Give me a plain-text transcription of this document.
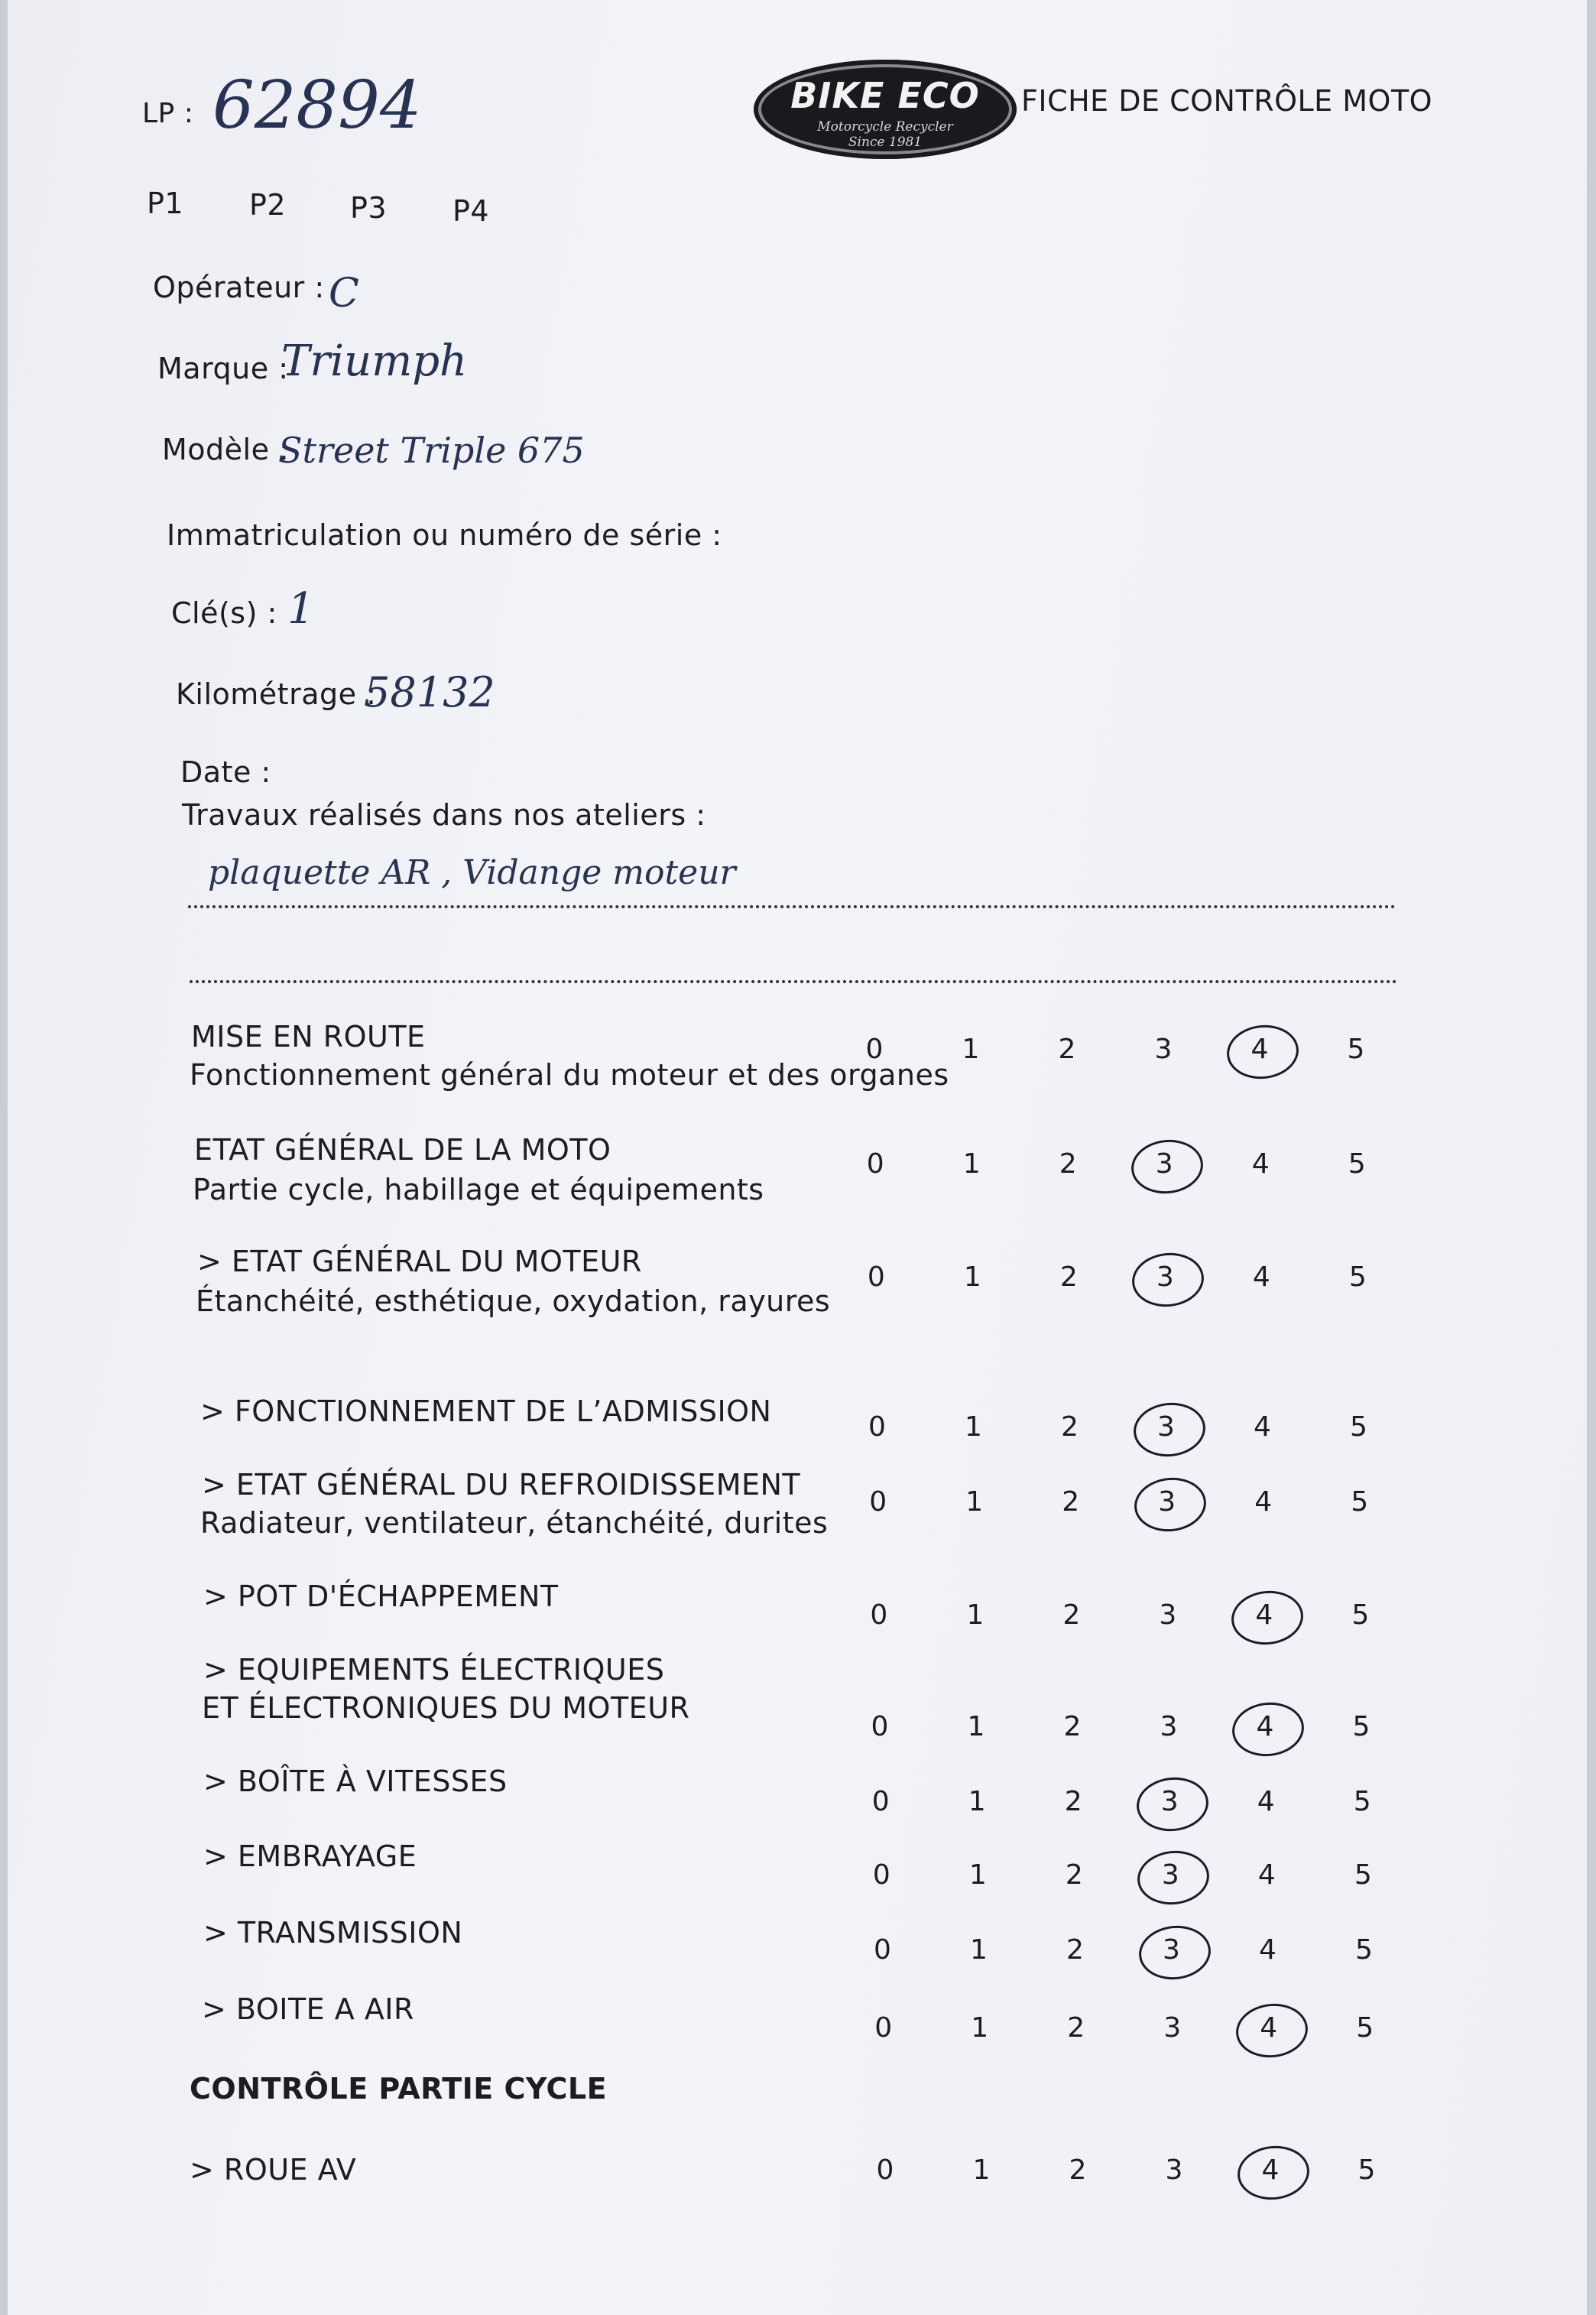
LP : 62894	BIKE ECO
Motorcycle Recycler
Since 1981
FICHE DE CONTRÔLE MOTO
P1 P2 P3 P4
Opérateur : C
Marque :
Triumph
Modèle :
Street Triple 675
Immatriculation ou numéro de série :
Clé(s) : 1
Kilométrage :
58132
Date :
Travaux réalisés dans nos ateliers :
plaquette AR , Vidange moteur
MISE EN ROUTE
Fonctionnement général du moteur et des organes
0	1	2	3	4	5
ETAT GÉNÉRAL DE LA MOTO
Partie cycle, habillage et équipements
0	1	2	3	4	5
> ETAT GÉNÉRAL DU MOTEUR
Étanchéité, esthétique, oxydation, rayures
0	1	2	3	4	5
> FONCTIONNEMENT DE L’ADMISSION	0	1	2	3	4	5
> ETAT GÉNÉRAL DU REFROIDISSEMENT
Radiateur, ventilateur, étanchéité, durites
0	1	2	3	4	5
> POT D'ÉCHAPPEMENT
0	1	2	3	4	5
> EQUIPEMENTS ÉLECTRIQUES
ET ÉLECTRONIQUES DU MOTEUR
0	1	2	3	4	5
> BOÎTE À VITESSES
0	1	2	3	4	5
> EMBRAYAGE
0	1	2	3	4	5
> TRANSMISSION
0	1	2	3	4	5
> BOITE A AIR
0	1	2	3	4	5
CONTRÔLE PARTIE CYCLE
> ROUE AV	0	1	2	3	4	5
